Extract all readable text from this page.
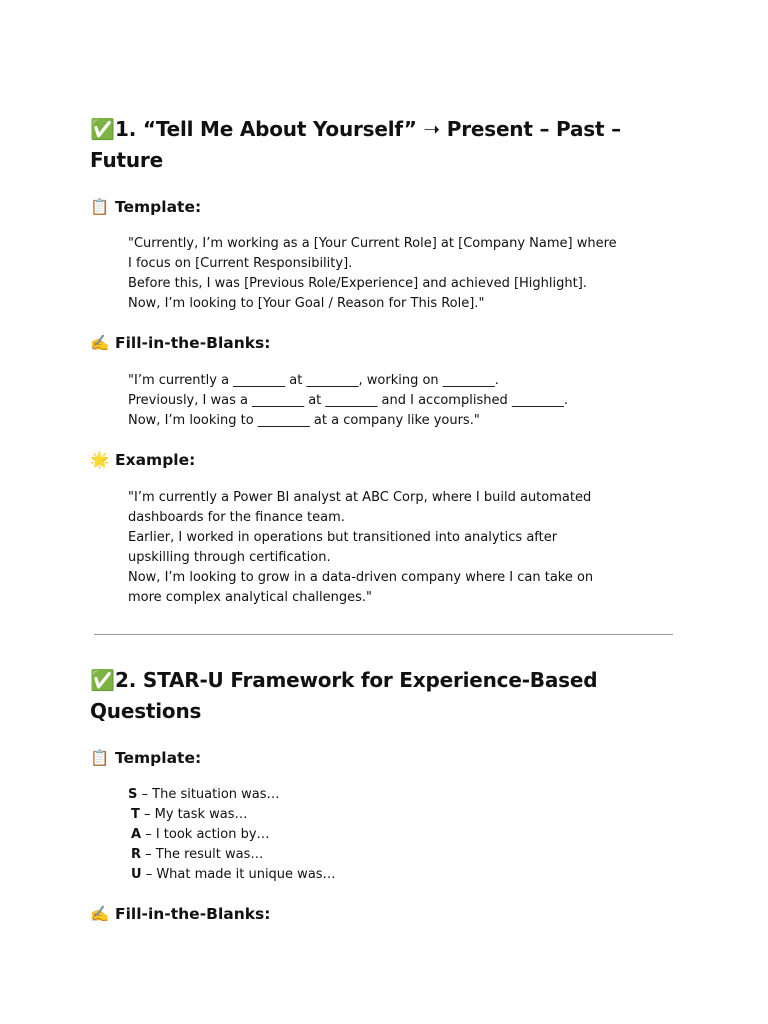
✅1. “Tell Me About Yourself” ➝ Present – Past – Future
📋 Template:
"Currently, I’m working as a [Your Current Role] at [Company Name] where
I focus on [Current Responsibility].
Before this, I was [Previous Role/Experience] and achieved [Highlight].
Now, I’m looking to [Your Goal / Reason for This Role]."
✍️ Fill-in-the-Blanks:
"I’m currently a ________ at ________, working on ________.
Previously, I was a ________ at ________ and I accomplished ________.
Now, I’m looking to ________ at a company like yours."
🌟 Example:
"I’m currently a Power BI analyst at ABC Corp, where I build automated
dashboards for the finance team.
Earlier, I worked in operations but transitioned into analytics after
upskilling through certification.
Now, I’m looking to grow in a data-driven company where I can take on
more complex analytical challenges."
✅2. STAR-U Framework for Experience-Based Questions
📋 Template:
S – The situation was…
T – My task was…
A – I took action by…
R – The result was…
U – What made it unique was…
✍️ Fill-in-the-Blanks:
